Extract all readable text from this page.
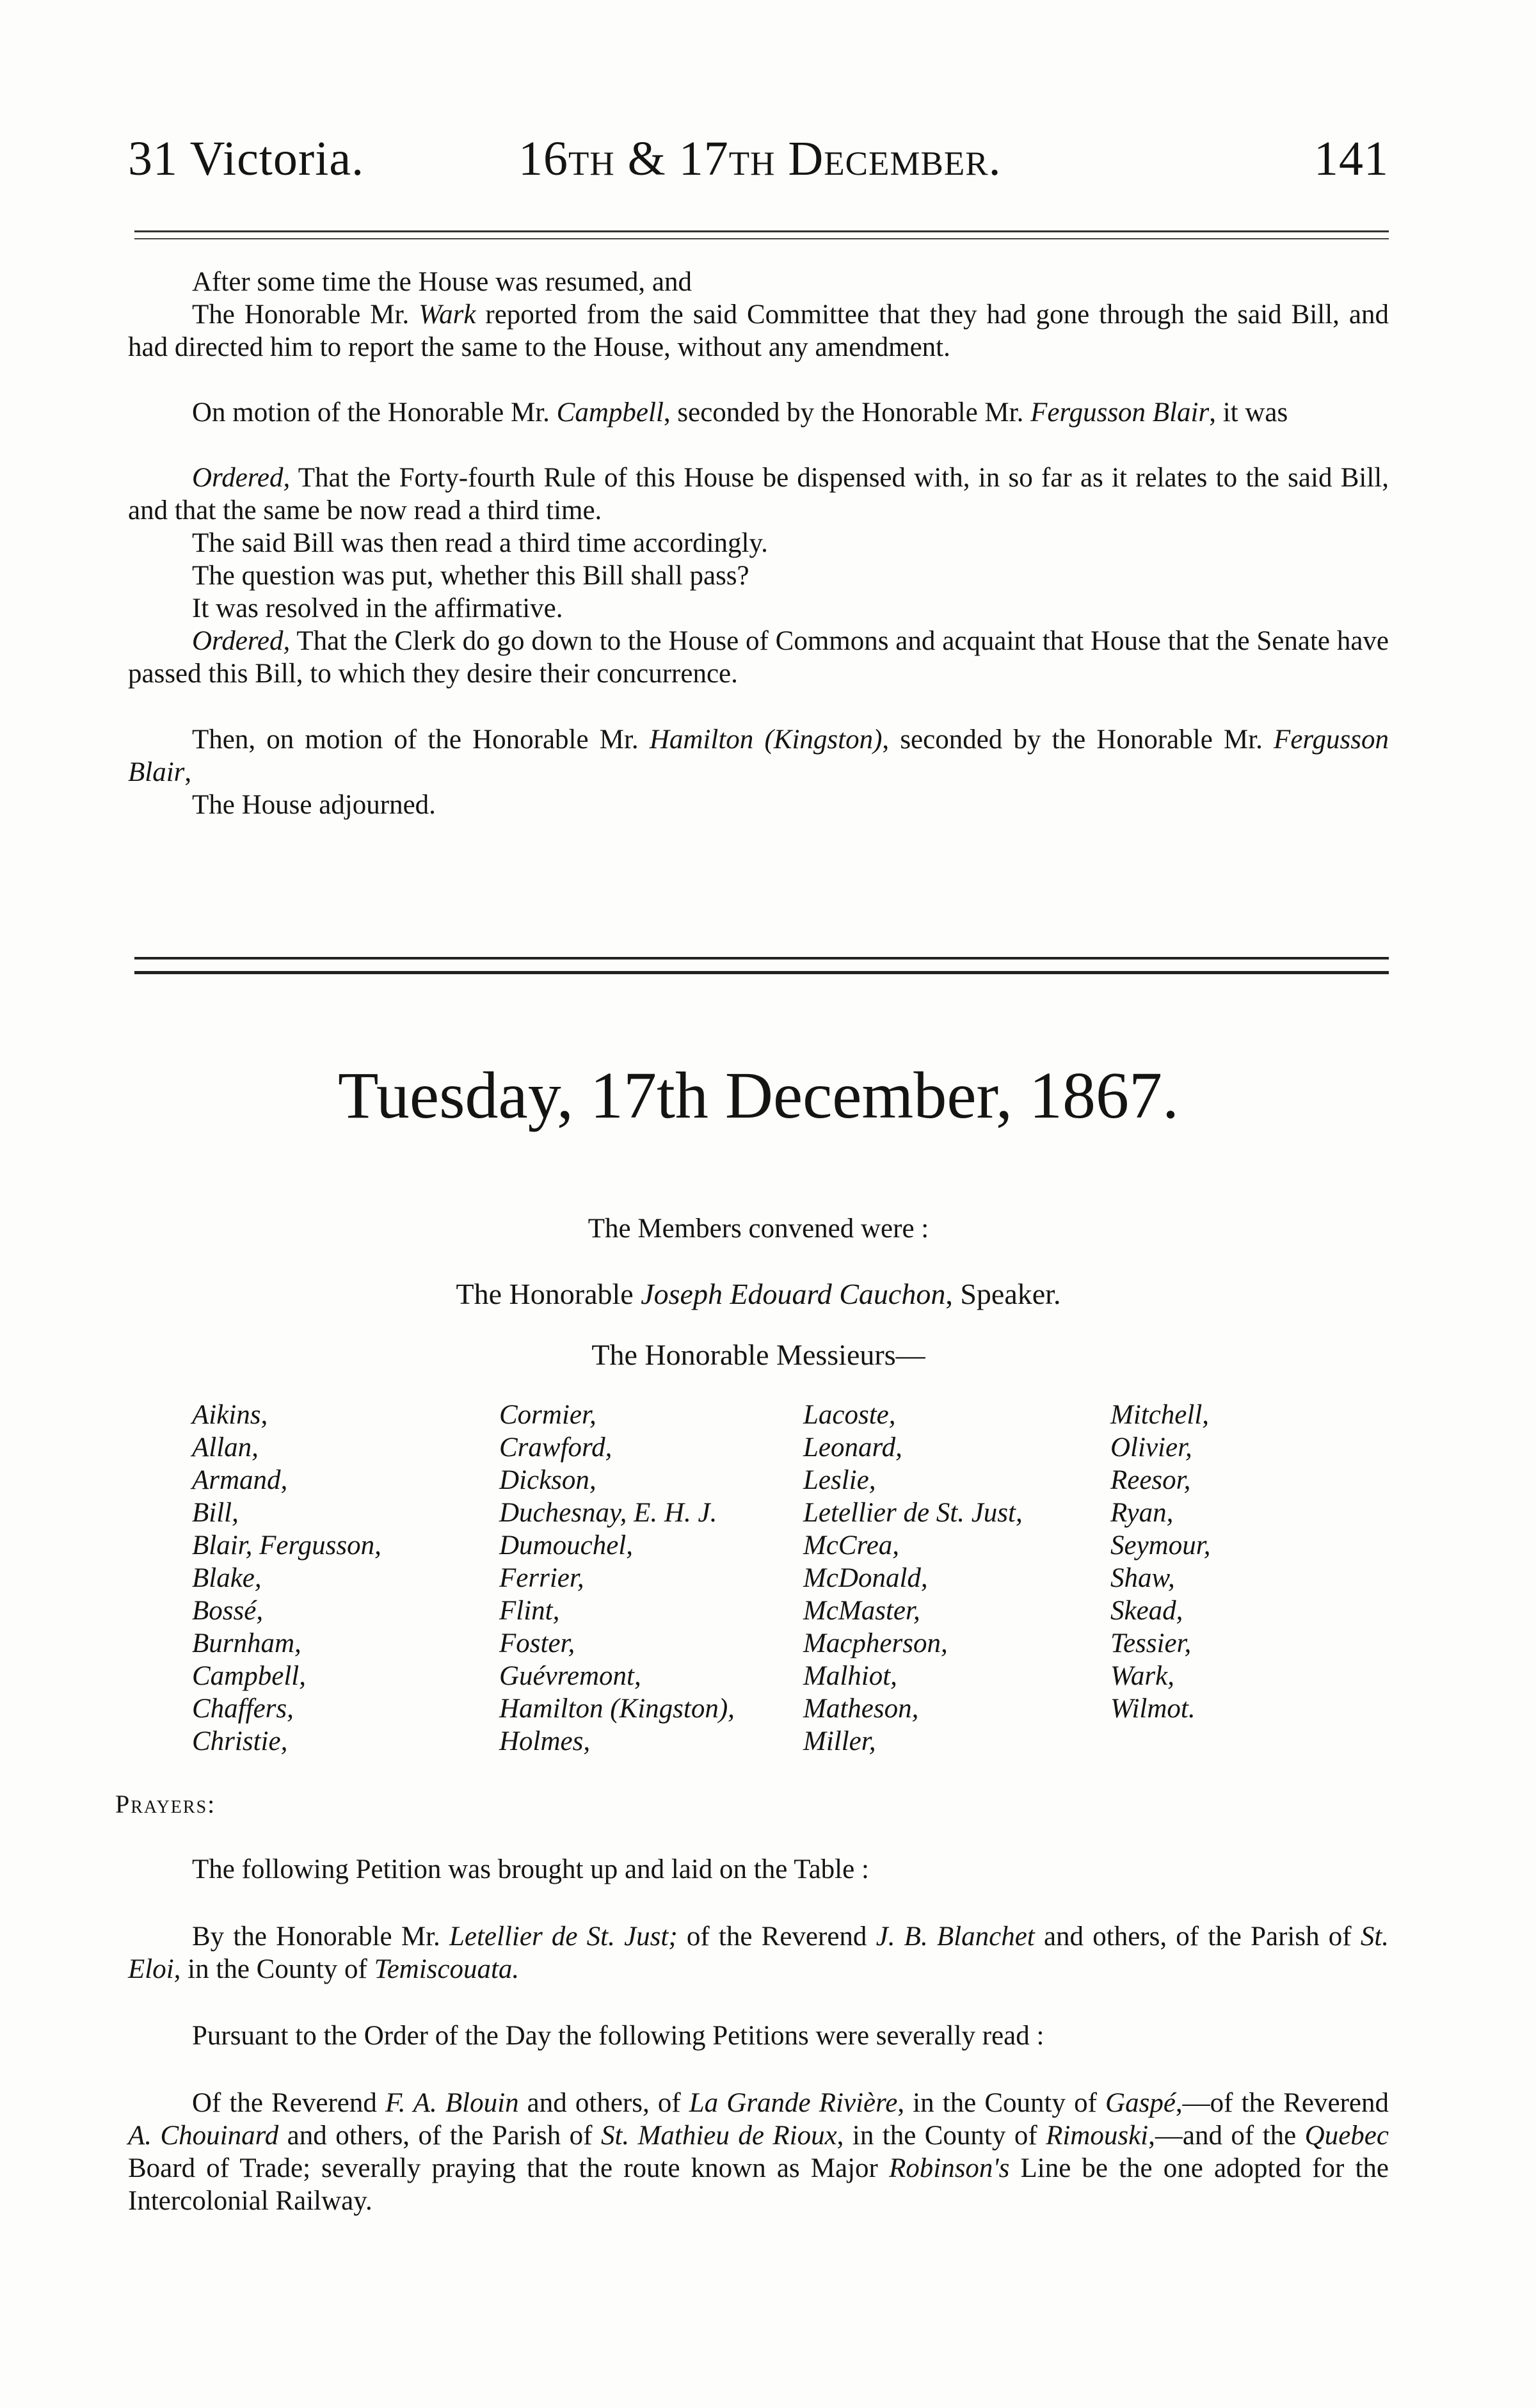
31 Victoria.	16th & 17th December.	141

After some time the House was resumed, and

The Honorable Mr. Wark reported from the said Committee that they had gone through the said Bill, and had directed him to report the same to the House, without any amendment.

On motion of the Honorable Mr. Campbell, seconded by the Honorable Mr. Fergusson Blair, it was

Ordered, That the Forty-fourth Rule of this House be dispensed with, in so far as it relates to the said Bill, and that the same be now read a third time.

The said Bill was then read a third time accordingly.

The question was put, whether this Bill shall pass?

It was resolved in the affirmative.

Ordered, That the Clerk do go down to the House of Commons and acquaint that House that the Senate have passed this Bill, to which they desire their concurrence.

Then, on motion of the Honorable Mr. Hamilton (Kingston), seconded by the Honorable Mr. Fergusson Blair,

The House adjourned.

Tuesday, 17th December, 1867.

The Members convened were :

The Honorable Joseph Edouard Cauchon, Speaker.

The Honorable Messieurs—

Aikins,
Allan,
Armand,
Bill,
Blair, Fergusson,
Blake,
Bossé,
Burnham,
Campbell,
Chaffers,
Christie,
Cormier,
Crawford,
Dickson,
Duchesnay, E. H. J.
Dumouchel,
Ferrier,
Flint,
Foster,
Guévremont,
Hamilton (Kingston),
Holmes,
Lacoste,
Leonard,
Leslie,
Letellier de St. Just,
McCrea,
McDonald,
McMaster,
Macpherson,
Malhiot,
Matheson,
Miller,
Mitchell,
Olivier,
Reesor,
Ryan,
Seymour,
Shaw,
Skead,
Tessier,
Wark,
Wilmot.
Prayers:

The following Petition was brought up and laid on the Table :

By the Honorable Mr. Letellier de St. Just; of the Reverend J. B. Blanchet and others, of the Parish of St. Eloi, in the County of Temiscouata.

Pursuant to the Order of the Day the following Petitions were severally read :

Of the Reverend F. A. Blouin and others, of La Grande Rivière, in the County of Gaspé,—of the Reverend A. Chouinard and others, of the Parish of St. Mathieu de Rioux, in the County of Rimouski,—and of the Quebec Board of Trade; severally praying that the route known as Major Robinson's Line be the one adopted for the Intercolonial Railway.
